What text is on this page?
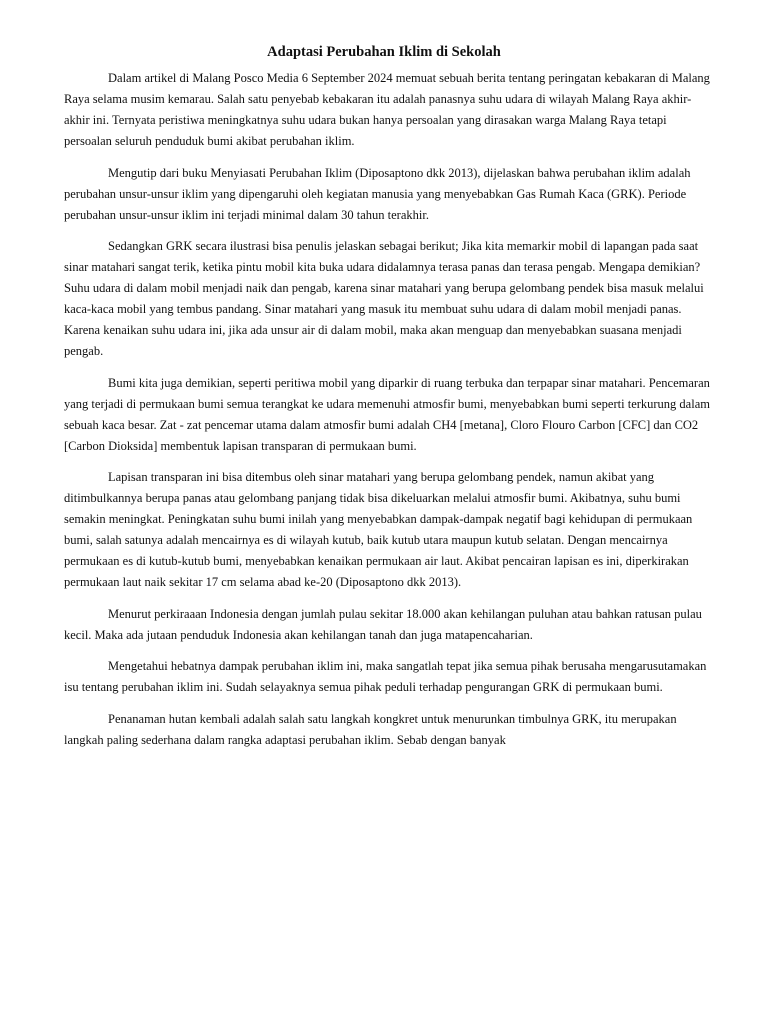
Adaptasi Perubahan Iklim di Sekolah

Dalam artikel di Malang Posco Media 6 September 2024 memuat sebuah berita tentang peringatan kebakaran di Malang Raya selama musim kemarau. Salah satu penyebab kebakaran itu adalah panasnya suhu udara di wilayah Malang Raya akhir-akhir ini. Ternyata peristiwa meningkatnya suhu udara bukan hanya persoalan yang dirasakan warga Malang Raya tetapi persoalan seluruh penduduk bumi akibat perubahan iklim.

Mengutip dari buku Menyiasati Perubahan Iklim (Diposaptono dkk 2013), dijelaskan bahwa perubahan iklim adalah perubahan unsur-unsur iklim yang dipengaruhi oleh kegiatan manusia yang menyebabkan Gas Rumah Kaca (GRK). Periode perubahan unsur-unsur iklim ini terjadi minimal dalam 30 tahun terakhir.

Sedangkan GRK secara ilustrasi bisa penulis jelaskan sebagai berikut; Jika kita memarkir mobil di lapangan pada saat sinar matahari sangat terik, ketika pintu mobil kita buka udara didalamnya terasa panas dan terasa pengab. Mengapa demikian? Suhu udara di dalam mobil menjadi naik dan pengab, karena sinar matahari yang berupa gelombang pendek bisa masuk melalui kaca-kaca mobil yang tembus pandang. Sinar matahari yang masuk itu membuat suhu udara di dalam mobil menjadi panas. Karena kenaikan suhu udara ini, jika ada unsur air di dalam mobil, maka akan menguap dan menyebabkan suasana menjadi pengab.

Bumi kita juga demikian, seperti peritiwa mobil yang diparkir di ruang terbuka dan terpapar sinar matahari. Pencemaran yang terjadi di permukaan bumi semua terangkat ke udara memenuhi atmosfir bumi, menyebabkan bumi seperti terkurung dalam sebuah kaca besar. Zat - zat pencemar utama dalam atmosfir bumi adalah CH4 [metana], Cloro Flouro Carbon [CFC] dan CO2 [Carbon Dioksida] membentuk lapisan transparan di permukaan bumi.

Lapisan transparan ini bisa ditembus oleh sinar matahari yang berupa gelombang pendek, namun akibat yang ditimbulkannya berupa panas atau gelombang panjang tidak bisa dikeluarkan melalui atmosfir bumi. Akibatnya, suhu bumi semakin meningkat. Peningkatan suhu bumi inilah yang menyebabkan dampak-dampak negatif bagi kehidupan di permukaan bumi, salah satunya adalah mencairnya es di wilayah kutub, baik kutub utara maupun kutub selatan. Dengan mencairnya permukaan es di kutub-kutub bumi, menyebabkan kenaikan permukaan air laut. Akibat pencairan lapisan es ini, diperkirakan permukaan laut naik sekitar 17 cm selama abad ke-20 (Diposaptono dkk 2013).

Menurut perkiraaan Indonesia dengan jumlah pulau sekitar 18.000 akan kehilangan puluhan atau bahkan ratusan pulau kecil. Maka ada jutaan penduduk Indonesia akan kehilangan tanah dan juga matapencaharian.

Mengetahui hebatnya dampak perubahan iklim ini, maka sangatlah tepat jika semua pihak berusaha mengarusutamakan isu tentang perubahan iklim ini. Sudah selayaknya semua pihak peduli terhadap pengurangan GRK di permukaan bumi.

Penanaman hutan kembali adalah salah satu langkah kongkret untuk menurunkan timbulnya GRK, itu merupakan langkah paling sederhana dalam rangka adaptasi perubahan iklim. Sebab dengan banyak
